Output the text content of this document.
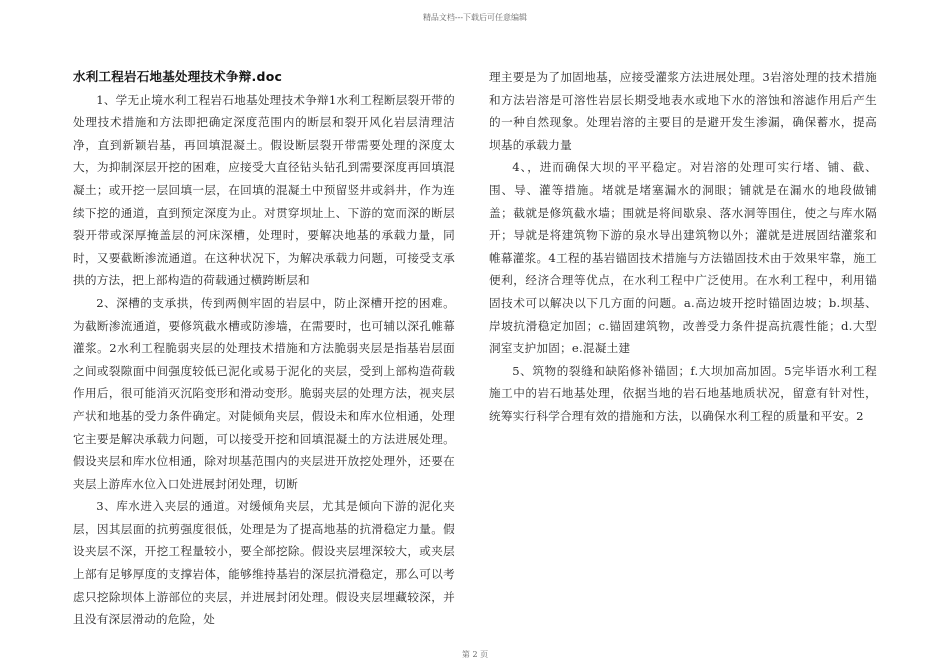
精品文档---下载后可任意编辑

水利工程岩石地基处理技术争辩.doc

1、学无止境水利工程岩石地基处理技术争辩1水利工程断层裂开带的处理技术措施和方法即把确定深度范围内的断层和裂开风化岩层清理洁净，直到新颖岩基，再回填混凝土。假设断层裂开带需要处理的深度太大，为抑制深层开挖的困难，应接受大直径钻头钻孔到需要深度再回填混凝土；或开挖一层回填一层，在回填的混凝土中预留竖井或斜井，作为连续下挖的通道，直到预定深度为止。对贯穿坝址上、下游的宽而深的断层裂开带或深厚掩盖层的河床深槽，处理时，要解决地基的承载力量，同时，又要截断渗流通道。在这种状况下，为解决承载力问题，可接受支承拱的方法，把上部构造的荷载通过横跨断层和

2、深槽的支承拱，传到两侧牢固的岩层中，防止深槽开挖的困难。为截断渗流通道，要修筑截水槽或防渗墙，在需要时，也可辅以深孔帷幕灌浆。2水利工程脆弱夹层的处理技术措施和方法脆弱夹层是指基岩层面之间或裂隙面中间强度较低已泥化或易于泥化的夹层，受到上部构造荷载作用后，很可能消灭沉陷变形和滑动变形。脆弱夹层的处理方法，视夹层产状和地基的受力条件确定。对陡倾角夹层，假设未和库水位相通，处理它主要是解决承载力问题，可以接受开挖和回填混凝土的方法进展处理。假设夹层和库水位相通，除对坝基范围内的夹层进开放挖处理外，还要在夹层上游库水位入口处进展封闭处理，切断

3、库水进入夹层的通道。对缓倾角夹层，尤其是倾向下游的泥化夹层，因其层面的抗剪强度很低，处理是为了提高地基的抗滑稳定力量。假设夹层不深，开挖工程量较小，要全部挖除。假设夹层埋深较大，或夹层上部有足够厚度的支撑岩体，能够维持基岩的深层抗滑稳定，那么可以考虑只挖除坝体上游部位的夹层，并进展封闭处理。假设夹层埋藏较深，并且没有深层滑动的危险，处

理主要是为了加固地基，应接受灌浆方法进展处理。3岩溶处理的技术措施和方法岩溶是可溶性岩层长期受地表水或地下水的溶蚀和溶滤作用后产生的一种自然现象。处理岩溶的主要目的是避开发生渗漏，确保蓄水，提高坝基的承载力量

4、，进而确保大坝的平平稳定。对岩溶的处理可实行堵、铺、截、围、导、灌等措施。堵就是堵塞漏水的洞眼；铺就是在漏水的地段做铺盖；截就是修筑截水墙；围就是将间歇泉、落水洞等围住，使之与库水隔开；导就是将建筑物下游的泉水导出建筑物以外；灌就是进展固结灌浆和帷幕灌浆。4工程的基岩锚固技术措施与方法锚固技术由于效果牢靠，施工便利，经济合理等优点，在水利工程中广泛使用。在水利工程中，利用锚固技术可以解决以下几方面的问题。a.高边坡开挖时锚固边坡；b.坝基、岸坡抗滑稳定加固；c.锚固建筑物，改善受力条件提高抗震性能；d.大型洞室支护加固；e.混凝土建

5、筑物的裂缝和缺陷修补锚固；f.大坝加高加固。5完毕语水利工程施工中的岩石地基处理，依据当地的岩石地基地质状况，留意有针对性，统筹实行科学合理有效的措施和方法，以确保水利工程的质量和平安。2

第 2 页
